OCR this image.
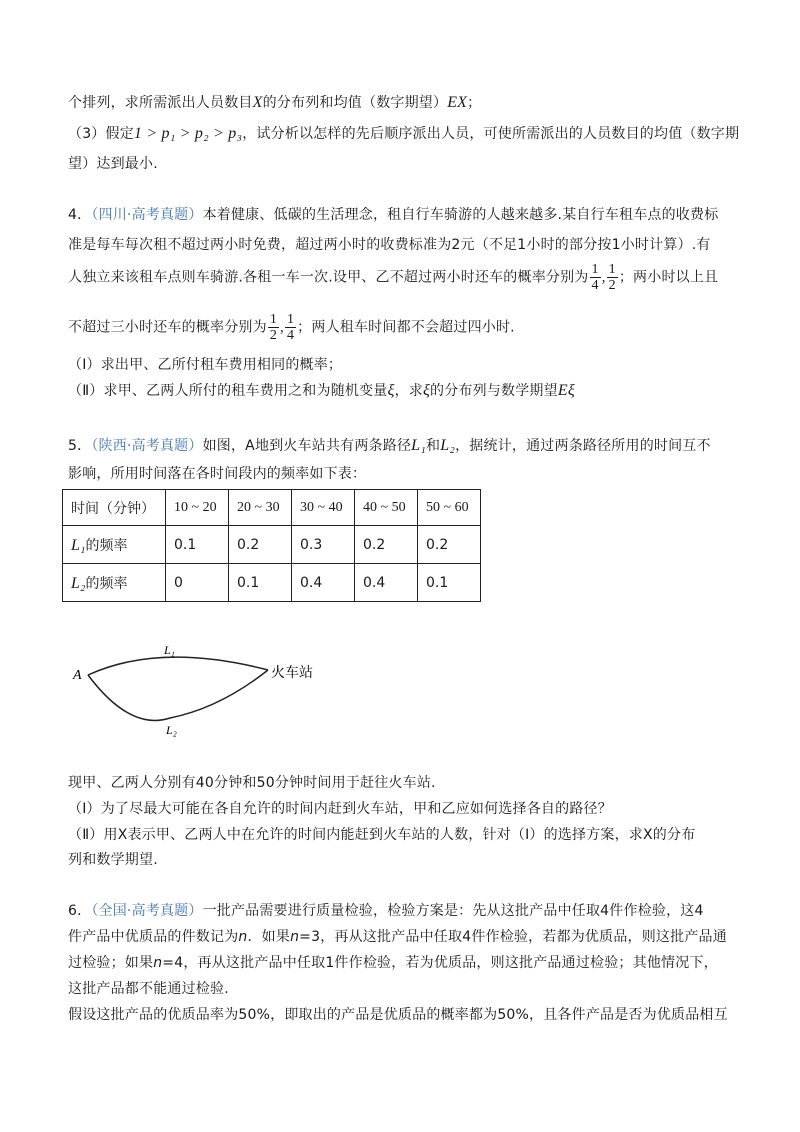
个排列，求所需派出人员数目X的分布列和均值（数字期望）EX；
（3）假定1 > p₁ > p₂ > p₃，试分析以怎样的先后顺序派出人员，可使所需派出的人员数目的均值（数字期
望）达到最小.
4．（四川·高考真题）本着健康、低碳的生活理念，租自行车骑游的人越来越多.某自行车租车点的收费标
准是每车每次租不超过两小时免费，超过两小时的收费标准为2元（不足1小时的部分按1小时计算）.有
人独立来该租车点则车骑游.各租一车一次.设甲、乙不超过两小时还车的概率分别为 $\frac{1}{4}$ , $\frac{1}{2}$ ；两小时以上且
不超过三小时还车的概率分别为 $\frac{1}{2}$ , $\frac{1}{4}$ ；两人租车时间都不会超过四小时.
（Ⅰ）求出甲、乙所付租车费用相同的概率；
（Ⅱ）求甲、乙两人所付的租车费用之和为随机变量ξ，求ξ的分布列与数学期望Eξ
5．（陕西·高考真题）如图，A地到火车站共有两条路径L₁和L₂，据统计，通过两条路径所用的时间互不
影响，所用时间落在各时间段内的频率如下表：
时间（分钟）	10 ~ 20	20 ~ 30	30 ~ 40	40 ~ 50	50 ~ 60
L₁的频率	0.1	0.2	0.3	0.2	0.2
L₂的频率	0	0.1	0.4	0.4	0.1
A	火车站
L₁
L₂
现甲、乙两人分别有40分钟和50分钟时间用于赶往火车站.
（Ⅰ）为了尽最大可能在各自允许的时间内赶到火车站，甲和乙应如何选择各自的路径？
（Ⅱ）用X表示甲、乙两人中在允许的时间内能赶到火车站的人数，针对（Ⅰ）的选择方案，求X的分布
列和数学期望.
6．（全国·高考真题）一批产品需要进行质量检验，检验方案是：先从这批产品中任取4件作检验，这4
件产品中优质品的件数记为n．如果n=3，再从这批产品中任取4件作检验，若都为优质品，则这批产品通
过检验；如果n=4，再从这批产品中任取1件作检验，若为优质品，则这批产品通过检验；其他情况下，
这批产品都不能通过检验.
假设这批产品的优质品率为50%，即取出的产品是优质品的概率都为50%，且各件产品是否为优质品相互
